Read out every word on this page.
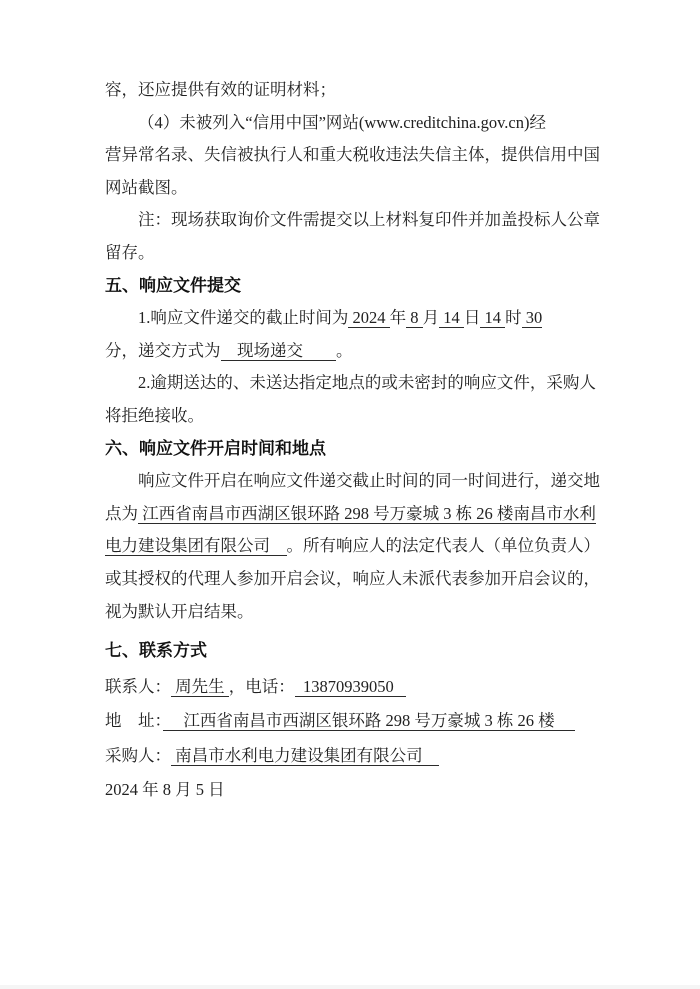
容，还应提供有效的证明材料；
（4）未被列入“信用中国”网站(www.creditchina.gov.cn)经
营异常名录、失信被执行人和重大税收违法失信主体，提供信用中国
网站截图。
注：现场获取询价文件需提交以上材料复印件并加盖投标人公章
留存。
五、响应文件提交
1.响应文件递交的截止时间为 2024 年 8 月 14 日 14 时 30
分，递交方式为　现场递交　　。
2.逾期送达的、未送达指定地点的或未密封的响应文件，采购人
将拒绝接收。
六、响应文件开启时间和地点
响应文件开启在响应文件递交截止时间的同一时间进行，递交地
点为 江西省南昌市西湖区银环路 298 号万豪城 3 栋 26 楼南昌市水利
电力建设集团有限公司　。所有响应人的法定代表人（单位负责人）
或其授权的代理人参加开启会议，响应人未派代表参加开启会议的，
视为默认开启结果。
七、联系方式
联系人： 周先生 ，电话：  13870939050
地　址：　 江西省南昌市西湖区银环路 298 号万豪城 3 栋 26 楼　
采购人： 南昌市水利电力建设集团有限公司　
2024 年 8 月 5 日
